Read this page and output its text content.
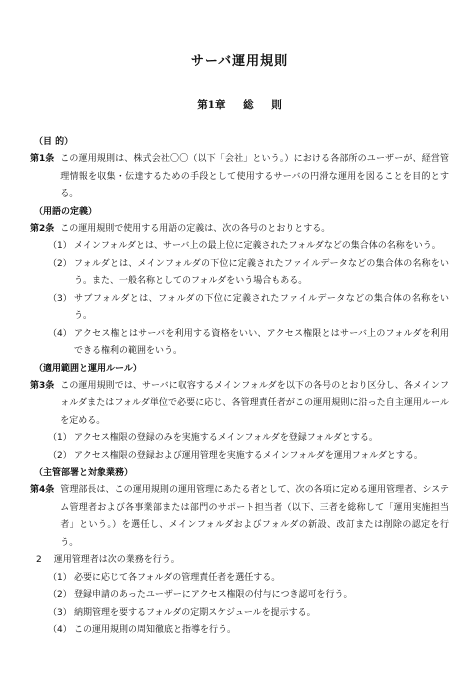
サーバ運用規則
第1章 総 則
（目 的）
第1条 この運用規則は、株式会社〇〇（以下「会社」という。）における各部所のユーザーが、経営管理情報を収集・伝達するための手段として使用するサーバの円滑な運用を図ることを目的とする。
（用語の定義）
第2条 この運用規則で使用する用語の定義は、次の各号のとおりとする。
（1） メインフォルダとは、サーバ上の最上位に定義されたフォルダなどの集合体の名称をいう。
（2） フォルダとは、メインフォルダの下位に定義されたファイルデータなどの集合体の名称をいう。また、一般名称としてのフォルダをいう場合もある。
（3） サブフォルダとは、フォルダの下位に定義されたファイルデータなどの集合体の名称をいう。
（4） アクセス権とはサーバを利用する資格をいい、アクセス権限とはサーバ上のフォルダを利用できる権利の範囲をいう。
（適用範囲と運用ルール）
第3条 この運用規則では、サーバに収容するメインフォルダを以下の各号のとおり区分し、各メインフォルダまたはフォルダ単位で必要に応じ、各管理責任者がこの運用規則に沿った自主運用ルールを定める。
（1） アクセス権限の登録のみを実施するメインフォルダを登録フォルダとする。
（2） アクセス権限の登録および運用管理を実施するメインフォルダを運用フォルダとする。
（主管部署と対象業務）
第4条 管理部長は、この運用規則の運用管理にあたる者として、次の各項に定める運用管理者、システム管理者および各事業部または部門のサポート担当者（以下、三者を総称して「運用実施担当者」という。）を選任し、メインフォルダおよびフォルダの新設、改訂または削除の認定を行う。
2	運用管理者は次の業務を行う。
（1） 必要に応じて各フォルダの管理責任者を選任する。
（2） 登録申請のあったユーザーにアクセス権限の付与につき認可を行う。
（3） 納期管理を要するフォルダの定期スケジュールを提示する。
（4） この運用規則の周知徹底と指導を行う。
